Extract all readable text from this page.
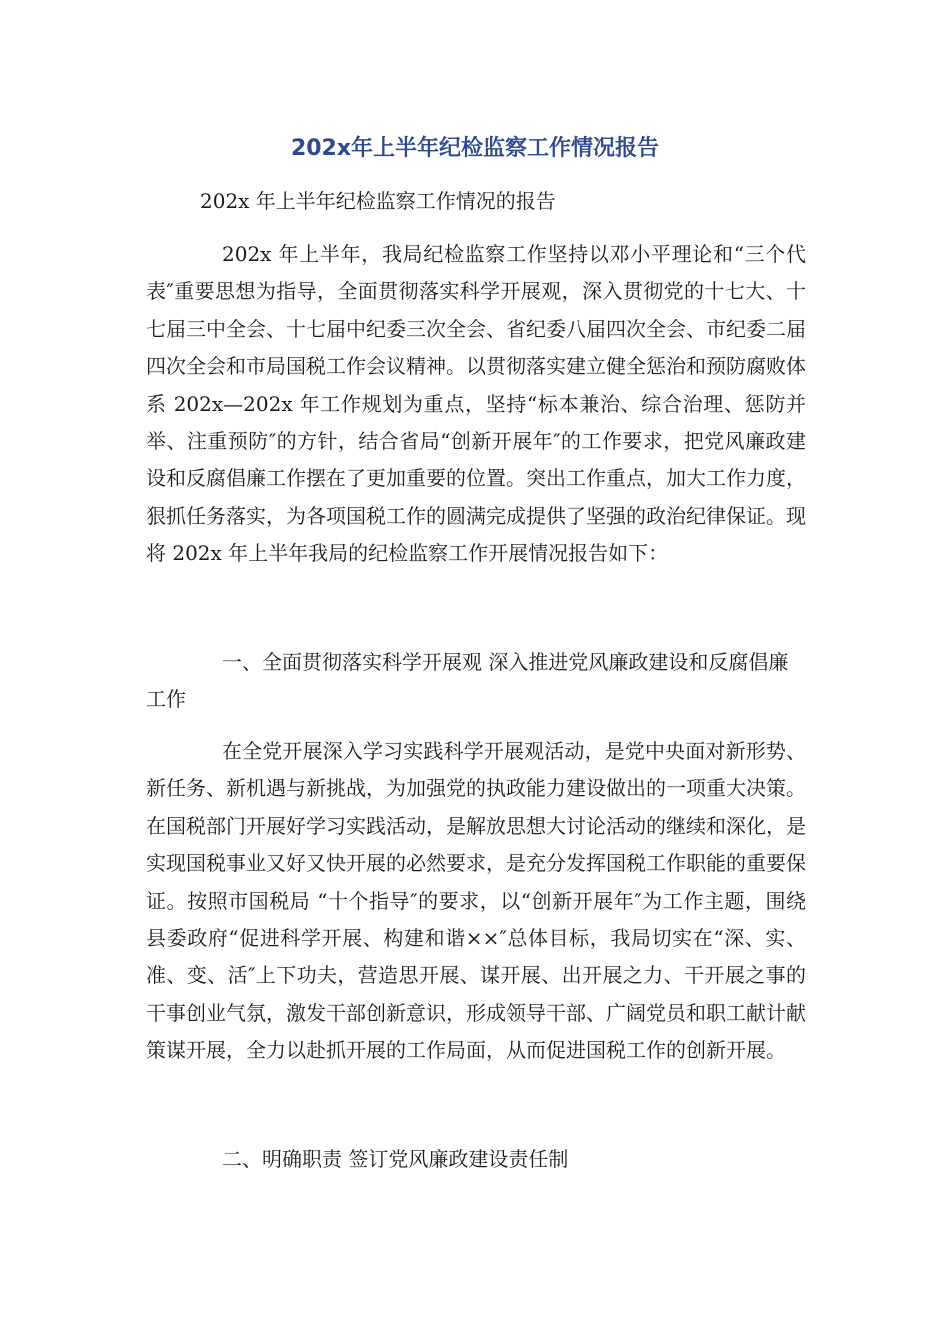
202x年上半年纪检监察工作情况报告

202x 年上半年纪检监察工作情况的报告

202x 年上半年，我局纪检监察工作坚持以邓小平理论和“三个代表″重要思想为指导，全面贯彻落实科学开展观，深入贯彻党的十七大、十七届三中全会、十七届中纪委三次全会、省纪委八届四次全会、市纪委二届四次全会和市局国税工作会议精神。以贯彻落实建立健全惩治和预防腐败体系 202x—202x 年工作规划为重点，坚持“标本兼治、综合治理、惩防并举、注重预防″的方针，结合省局“创新开展年″的工作要求，把党风廉政建设和反腐倡廉工作摆在了更加重要的位置。突出工作重点，加大工作力度，狠抓任务落实，为各项国税工作的圆满完成提供了坚强的政治纪律保证。现将 202x 年上半年我局的纪检监察工作开展情况报告如下：

一、全面贯彻落实科学开展观 深入推进党风廉政建设和反腐倡廉工作

在全党开展深入学习实践科学开展观活动，是党中央面对新形势、新任务、新机遇与新挑战，为加强党的执政能力建设做出的一项重大决策。在国税部门开展好学习实践活动，是解放思想大讨论活动的继续和深化，是实现国税事业又好又快开展的必然要求，是充分发挥国税工作职能的重要保证。按照市国税局 “十个指导″的要求，以“创新开展年″为工作主题，围绕县委政府“促进科学开展、构建和谐××″总体目标，我局切实在“深、实、准、变、活″上下功夫，营造思开展、谋开展、出开展之力、干开展之事的干事创业气氛，激发干部创新意识，形成领导干部、广阔党员和职工献计献策谋开展，全力以赴抓开展的工作局面，从而促进国税工作的创新开展。

二、明确职责 签订党风廉政建设责任制
